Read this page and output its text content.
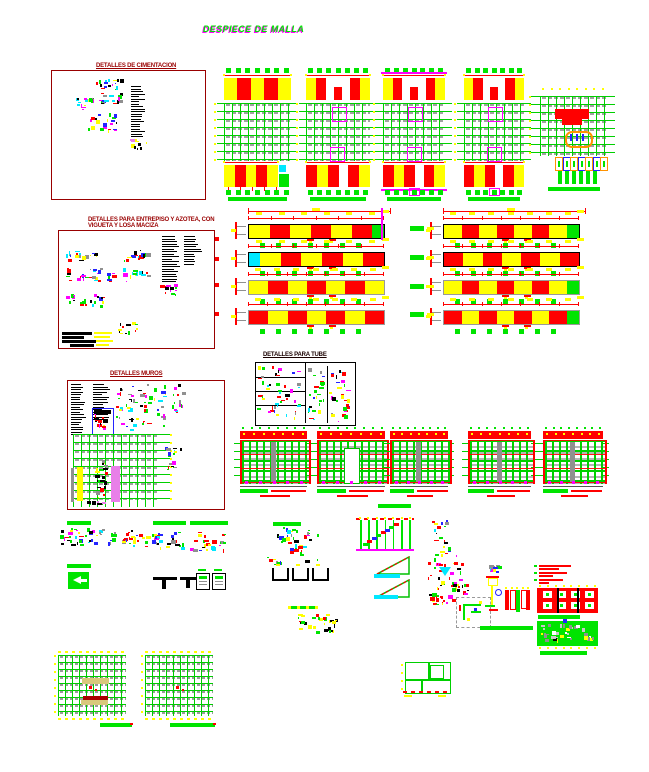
DESPIECE DE MALLA
DETALLES DE CIMENTACION
DETALLES PARA ENTREPISO Y AZOTEA, CON
VIGUETA Y LOSA MACIZA
DETALLES MUROS
DETALLES PARA TUBE
